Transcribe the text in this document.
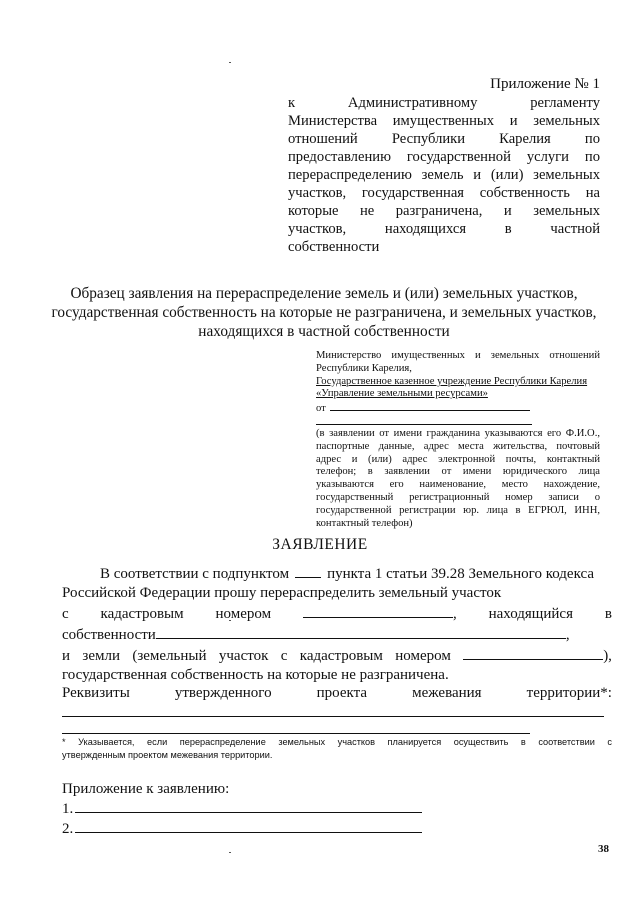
Приложение № 1
к Административному регламенту
Министерства имущественных и земельных
отношений Республики Карелия по
предоставлению государственной услуги по
перераспределению земель и (или) земельных
участков, государственная собственность на
которые не разграничена, и земельных
участков, находящихся в частной
собственности
Образец заявления на перераспределение земель и (или) земельных участков,
государственная собственность на которые не разграничена, и земельных участков,
находящихся в частной собственности
Министерство имущественных и земельных отношений
Республики Карелия,
Государственное казенное учреждение Республики Карелия
«Управление земельными ресурсами»
от
(в заявлении от имени гражданина указываются его Ф.И.О.,
паспортные данные, адрес места жительства, почтовый
адрес и (или) адрес электронной почты, контактный
телефон; в заявлении от имени юридического лица
указываются его наименование, место нахождение,
государственный регистрационный номер записи о
государственной регистрации юр. лица в ЕГРЮЛ, ИНН,
контактный телефон)
ЗАЯВЛЕНИЕ
В соответствии с подпунктом	пункта 1 статьи 39.28 Земельного кодекса
Российской Федерации прошу перераспределить земельный участок
с кадастровым номером	, находящийся в
собственности	,
и земли (земельный участок с кадастровым номером	),
государственная собственность на которые не разграничена.
Реквизиты	утвержденного	проекта	межевания	территории*:
* Указывается, если перераспределение земельных участков планируется осуществить в соответствии с
утвержденным проектом межевания территории.
Приложение к заявлению:
1.
2.
38
